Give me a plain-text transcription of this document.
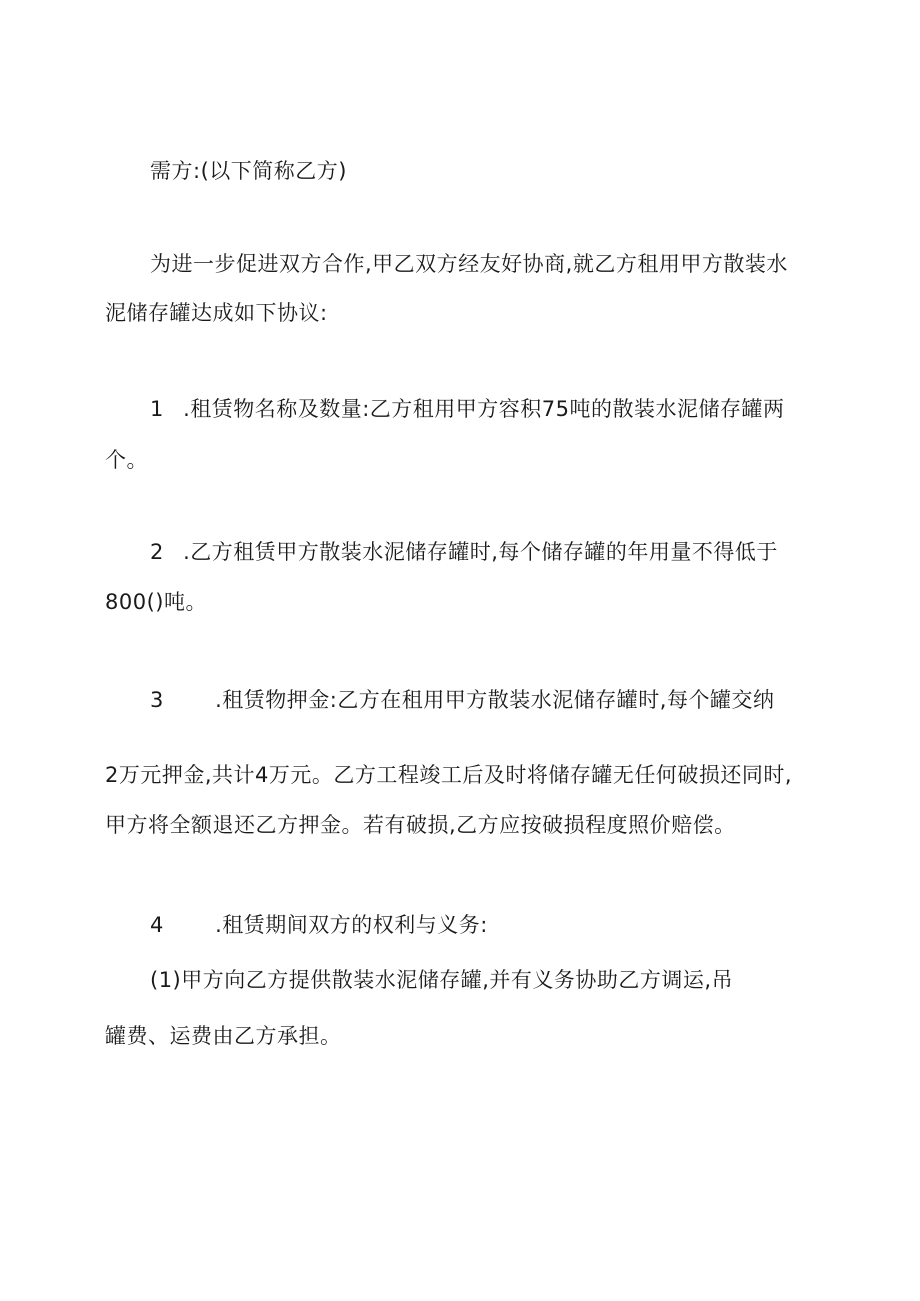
需方:(以下简称乙方)
为进一步促进双方合作,甲乙双方经友好协商,就乙方租用甲方散装水
泥储存罐达成如下协议:
1 .租赁物名称及数量:乙方租用甲方容积75吨的散装水泥储存罐两
个。
2 .乙方租赁甲方散装水泥储存罐时,每个储存罐的年用量不得低于
800()吨。
3 .租赁物押金:乙方在租用甲方散装水泥储存罐时,每个罐交纳
2万元押金,共计4万元。乙方工程竣工后及时将储存罐无任何破损还同时,
甲方将全额退还乙方押金。若有破损,乙方应按破损程度照价赔偿。
4 .租赁期间双方的权利与义务:
(1)甲方向乙方提供散装水泥储存罐,并有义务协助乙方调运,吊
罐费、运费由乙方承担。
